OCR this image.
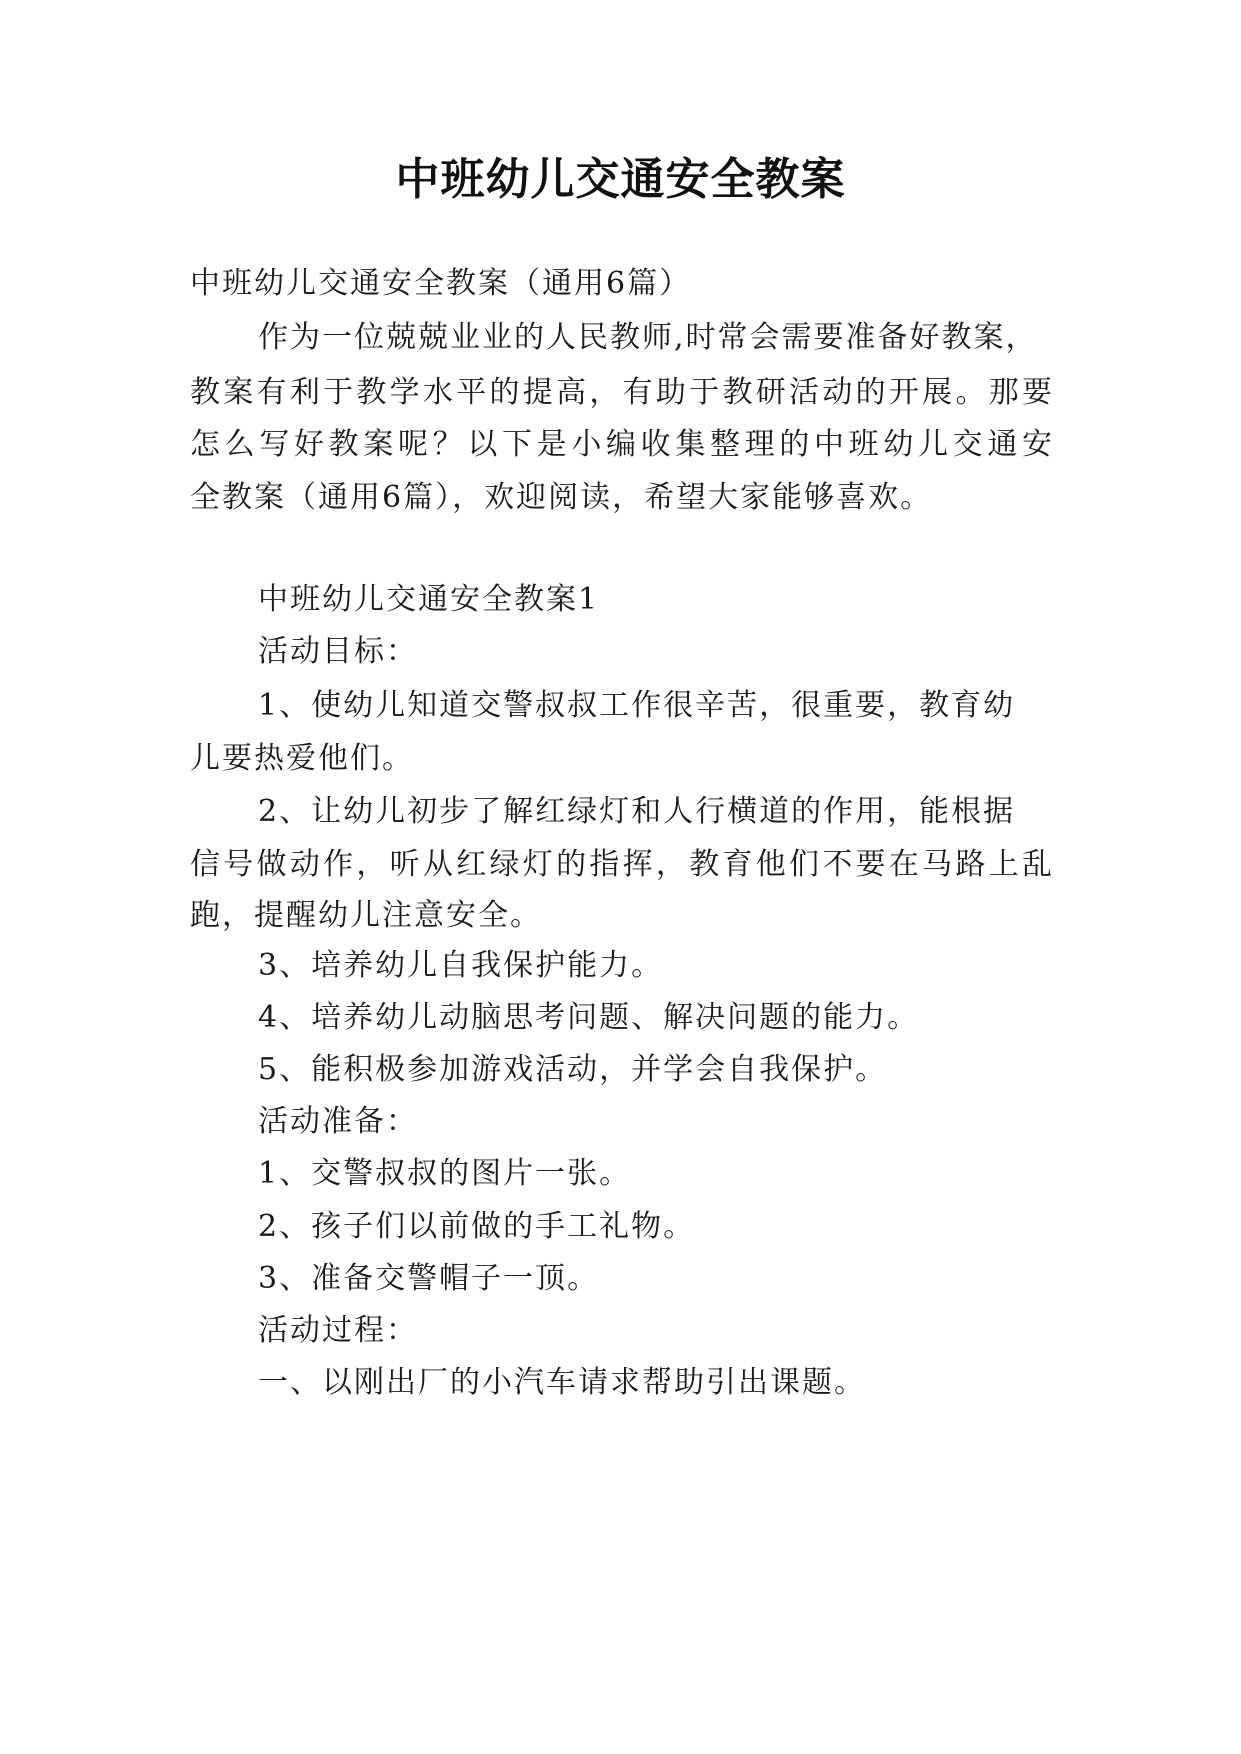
中班幼儿交通安全教案
中班幼儿交通安全教案（通用6篇）
作为一位兢兢业业的人民教师,时常会需要准备好教案，
教案有利于教学水平的提高，有助于教研活动的开展。那要
怎么写好教案呢？以下是小编收集整理的中班幼儿交通安
全教案（通用6篇），欢迎阅读，希望大家能够喜欢。
中班幼儿交通安全教案1
活动目标：
1、使幼儿知道交警叔叔工作很辛苦，很重要，教育幼
儿要热爱他们。
2、让幼儿初步了解红绿灯和人行横道的作用，能根据
信号做动作，听从红绿灯的指挥，教育他们不要在马路上乱
跑，提醒幼儿注意安全。
3、培养幼儿自我保护能力。
4、培养幼儿动脑思考问题、解决问题的能力。
5、能积极参加游戏活动，并学会自我保护。
活动准备：
1、交警叔叔的图片一张。
2、孩子们以前做的手工礼物。
3、准备交警帽子一顶。
活动过程：
一、以刚出厂的小汽车请求帮助引出课题。
